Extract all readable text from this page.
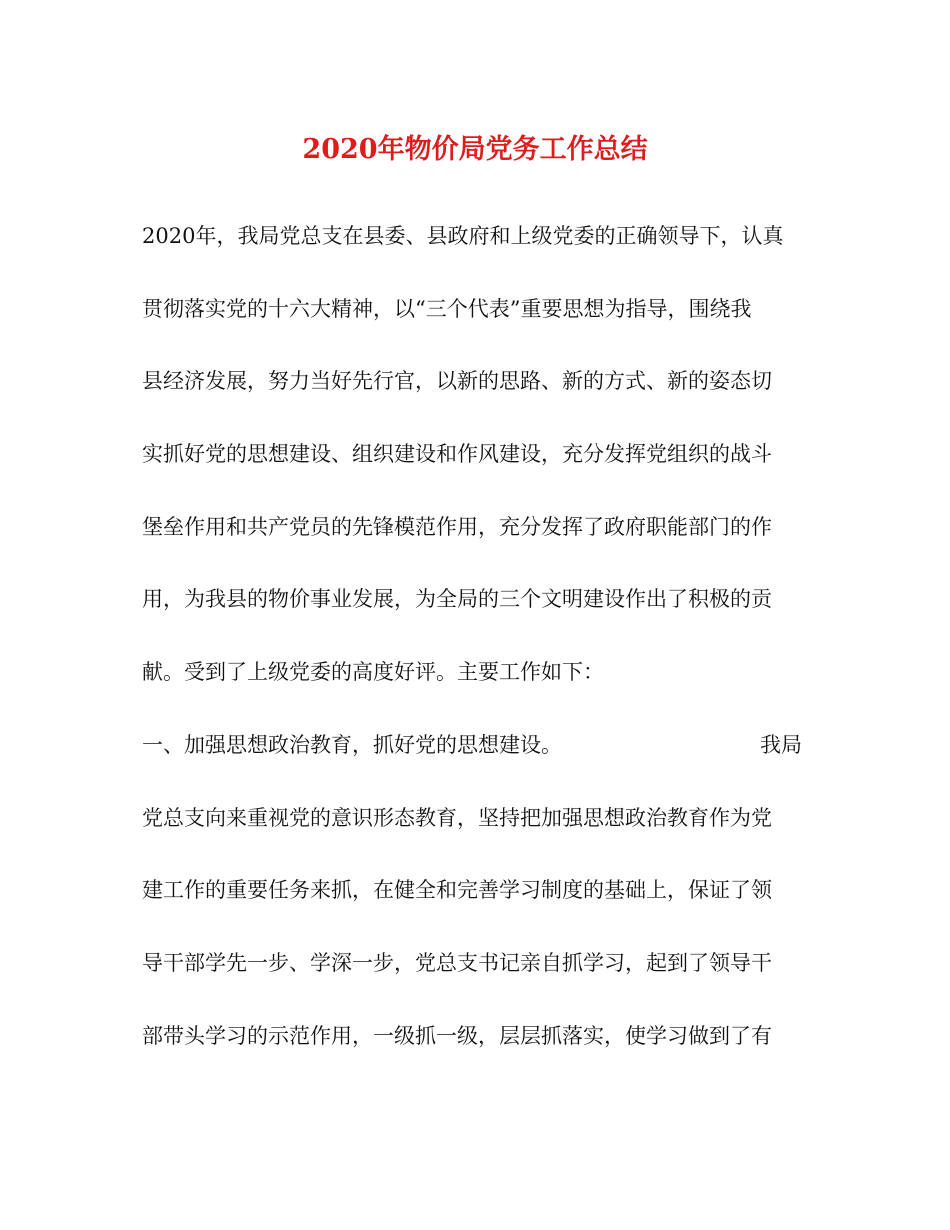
2020年物价局党务工作总结
2020年，我局党总支在县委、县政府和上级党委的正确领导下，认真
贯彻落实党的十六大精神，以“三个代表”重要思想为指导，围绕我
县经济发展，努力当好先行官，以新的思路、新的方式、新的姿态切
实抓好党的思想建设、组织建设和作风建设，充分发挥党组织的战斗
堡垒作用和共产党员的先锋模范作用，充分发挥了政府职能部门的作
用，为我县的物价事业发展，为全局的三个文明建设作出了积极的贡
献。受到了上级党委的高度好评。主要工作如下：
一、加强思想政治教育，抓好党的思想建设。	我局
党总支向来重视党的意识形态教育，坚持把加强思想政治教育作为党
建工作的重要任务来抓，在健全和完善学习制度的基础上，保证了领
导干部学先一步、学深一步，党总支书记亲自抓学习，起到了领导干
部带头学习的示范作用，一级抓一级，层层抓落实，使学习做到了有
